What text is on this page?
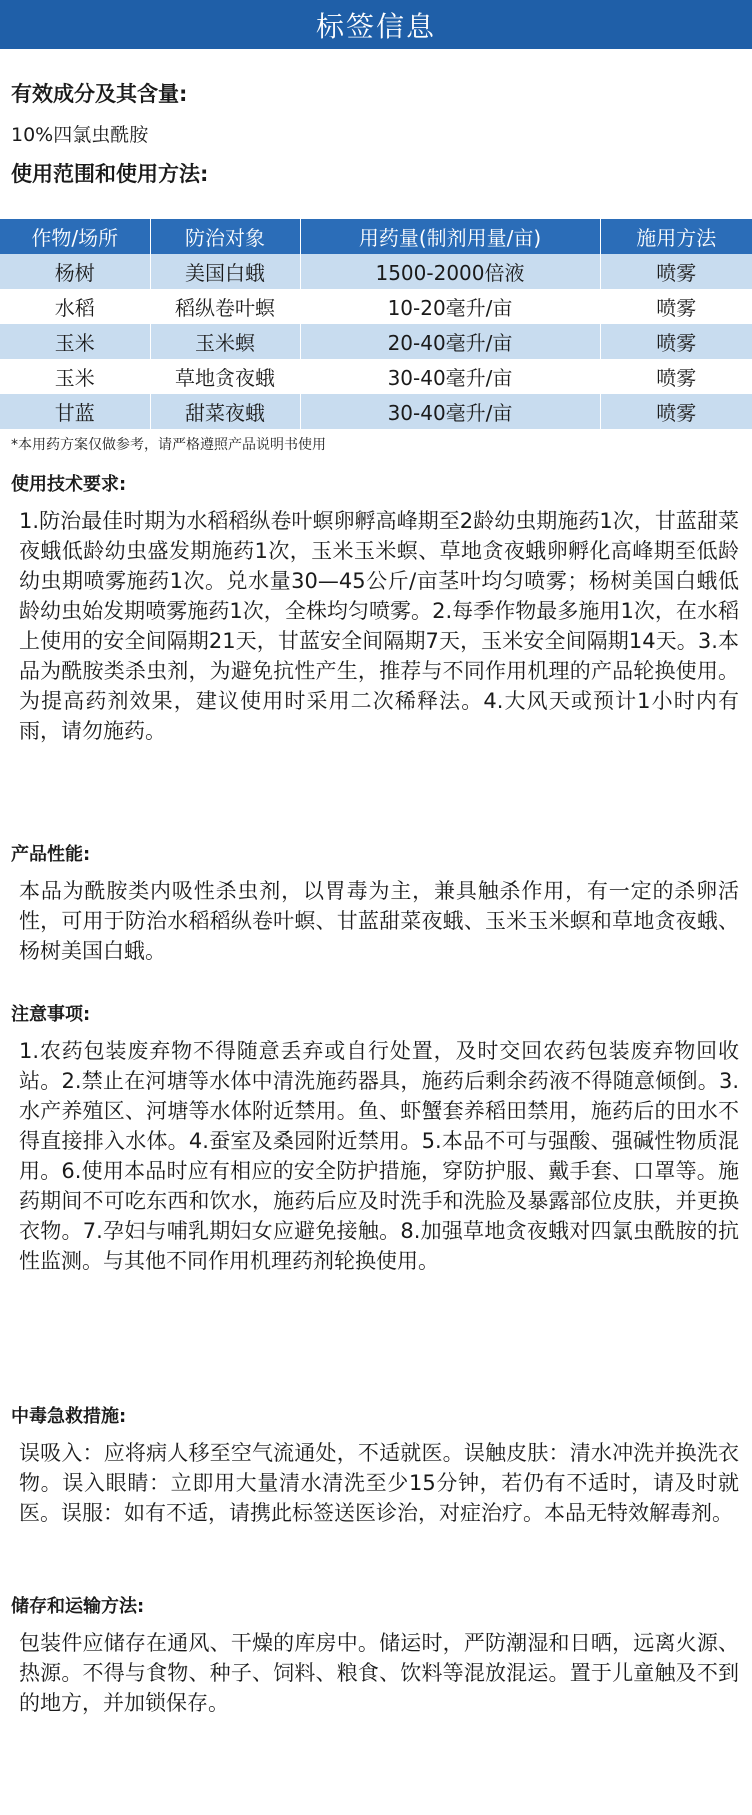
标签信息
有效成分及其含量:
10%四氯虫酰胺
使用范围和使用方法:
作物/场所	防治对象	用药量(制剂用量/亩)	施用方法
杨树	美国白蛾	1500-2000倍液	喷雾
水稻	稻纵卷叶螟	10-20毫升/亩	喷雾
玉米	玉米螟	20-40毫升/亩	喷雾
玉米	草地贪夜蛾	30-40毫升/亩	喷雾
甘蓝	甜菜夜蛾	30-40毫升/亩	喷雾
*本用药方案仅做参考，请严格遵照产品说明书使用
使用技术要求:
1.防治最佳时期为水稻稻纵卷叶螟卵孵高峰期至2龄幼虫期施药1次，甘蓝甜菜夜蛾低龄幼虫盛发期施药1次，玉米玉米螟、草地贪夜蛾卵孵化高峰期至低龄幼虫期喷雾施药1次。兑水量30—45公斤/亩茎叶均匀喷雾；杨树美国白蛾低龄幼虫始发期喷雾施药1次，全株均匀喷雾。2.每季作物最多施用1次，在水稻上使用的安全间隔期21天，甘蓝安全间隔期7天，玉米安全间隔期14天。3.本品为酰胺类杀虫剂，为避免抗性产生，推荐与不同作用机理的产品轮换使用。为提高药剂效果，建议使用时采用二次稀释法。4.大风天或预计1小时内有雨，请勿施药。
产品性能:
本品为酰胺类内吸性杀虫剂，以胃毒为主，兼具触杀作用，有一定的杀卵活性，可用于防治水稻稻纵卷叶螟、甘蓝甜菜夜蛾、玉米玉米螟和草地贪夜蛾、杨树美国白蛾。
注意事项:
1.农药包装废弃物不得随意丢弃或自行处置，及时交回农药包装废弃物回收站。2.禁止在河塘等水体中清洗施药器具，施药后剩余药液不得随意倾倒。3.水产养殖区、河塘等水体附近禁用。鱼、虾蟹套养稻田禁用，施药后的田水不得直接排入水体。4.蚕室及桑园附近禁用。5.本品不可与强酸、强碱性物质混用。6.使用本品时应有相应的安全防护措施，穿防护服、戴手套、口罩等。施药期间不可吃东西和饮水，施药后应及时洗手和洗脸及暴露部位皮肤，并更换衣物。7.孕妇与哺乳期妇女应避免接触。8.加强草地贪夜蛾对四氯虫酰胺的抗性监测。与其他不同作用机理药剂轮换使用。
中毒急救措施:
误吸入：应将病人移至空气流通处，不适就医。误触皮肤：清水冲洗并换洗衣物。误入眼睛：立即用大量清水清洗至少15分钟，若仍有不适时，请及时就医。误服：如有不适，请携此标签送医诊治，对症治疗。本品无特效解毒剂。
储存和运输方法:
包装件应储存在通风、干燥的库房中。储运时，严防潮湿和日晒，远离火源、热源。不得与食物、种子、饲料、粮食、饮料等混放混运。置于儿童触及不到的地方，并加锁保存。
